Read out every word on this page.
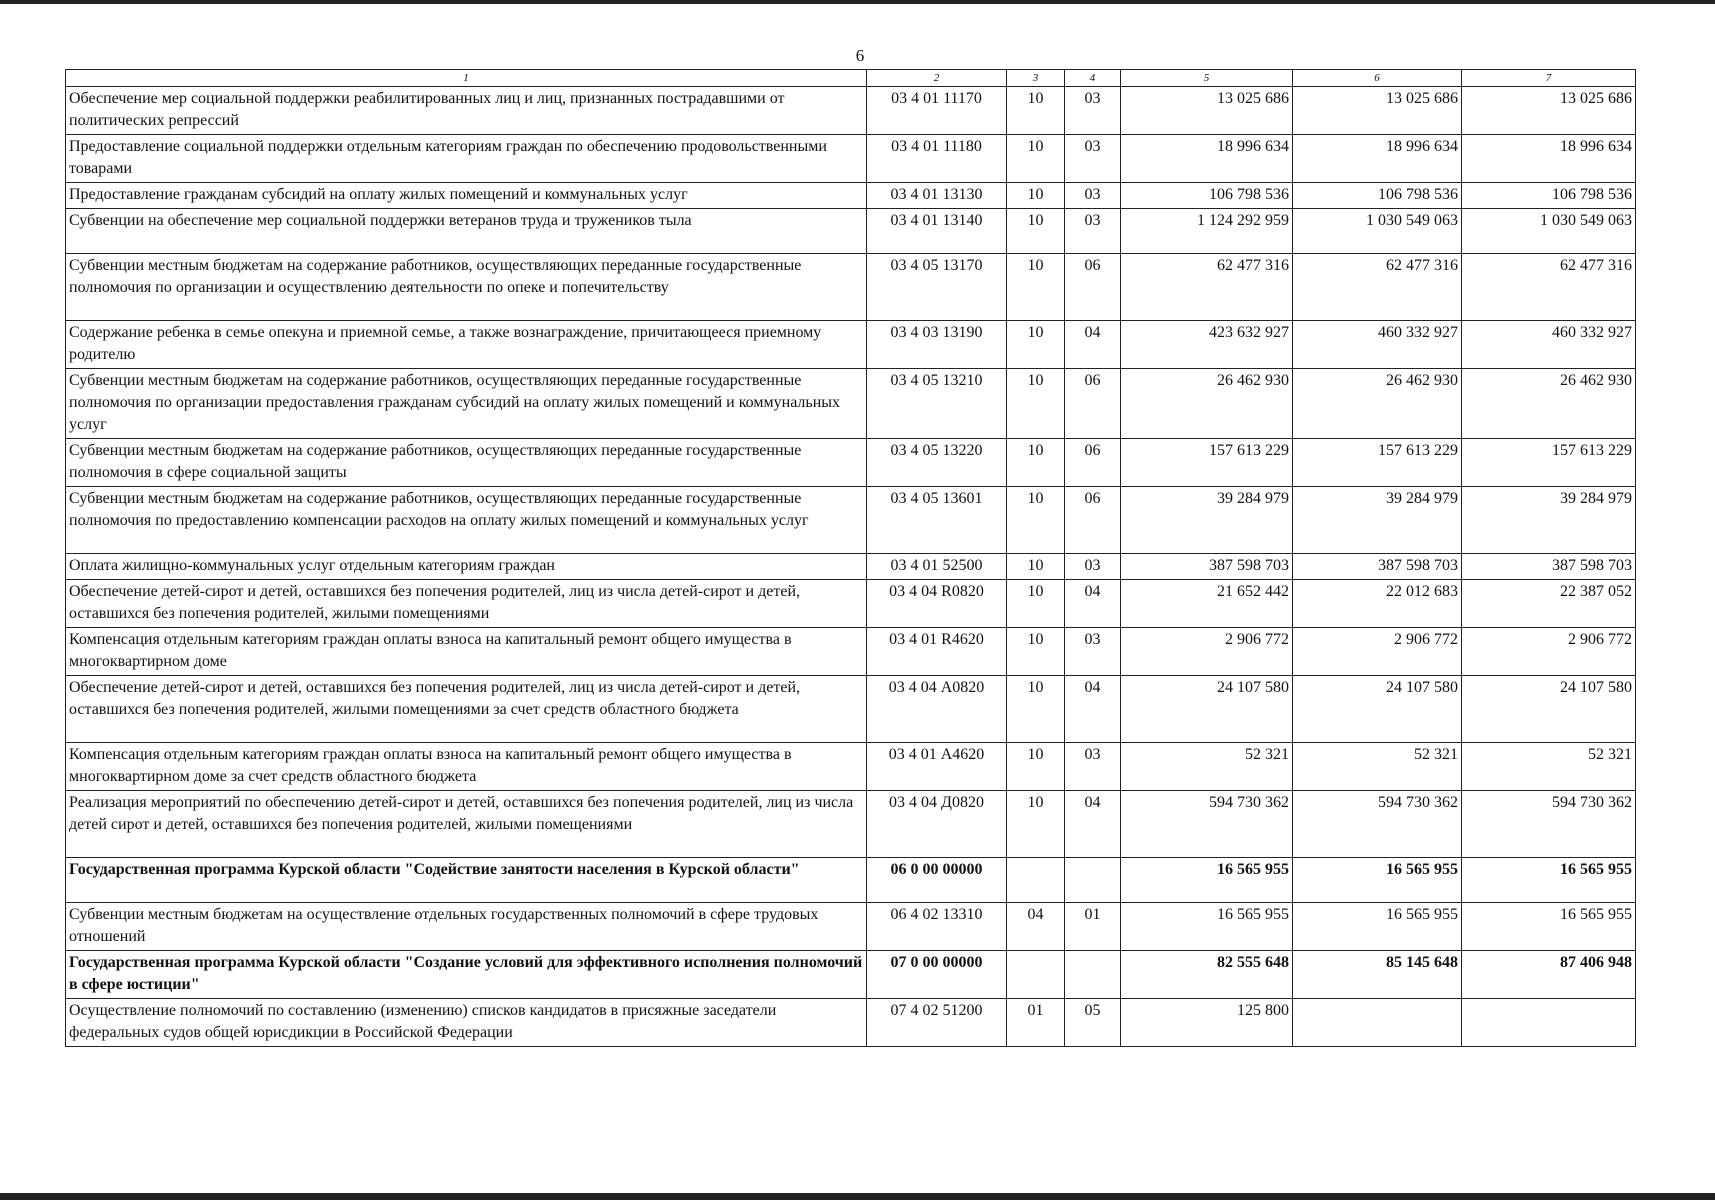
6
1	2	3	4	5	6	7
Обеспечение мер социальной поддержки реабилитированных лиц и лиц, признанных пострадавшими от политических репрессий	03 4 01 11170	10	03	13 025 686	13 025 686	13 025 686
Предоставление социальной поддержки отдельным категориям граждан по обеспечению продовольственными товарами	03 4 01 11180	10	03	18 996 634	18 996 634	18 996 634
Предоставление гражданам субсидий на оплату жилых помещений и коммунальных услуг	03 4 01 13130	10	03	106 798 536	106 798 536	106 798 536
Субвенции на обеспечение мер социальной поддержки ветеранов труда и тружеников тыла	03 4 01 13140	10	03	1 124 292 959	1 030 549 063	1 030 549 063
Субвенции местным бюджетам на содержание работников, осуществляющих переданные государственные полномочия по организации и осуществлению деятельности по опеке и попечительству	03 4 05 13170	10	06	62 477 316	62 477 316	62 477 316
Содержание ребенка в семье опекуна и приемной семье, а также вознаграждение, причитающееся приемному родителю	03 4 03 13190	10	04	423 632 927	460 332 927	460 332 927
Субвенции местным бюджетам на содержание работников, осуществляющих переданные государственные полномочия по организации предоставления гражданам субсидий на оплату жилых помещений и коммунальных услуг	03 4 05 13210	10	06	26 462 930	26 462 930	26 462 930
Субвенции местным бюджетам на содержание работников, осуществляющих переданные государственные полномочия в сфере социальной защиты	03 4 05 13220	10	06	157 613 229	157 613 229	157 613 229
Субвенции местным бюджетам на содержание работников, осуществляющих переданные государственные полномочия по предоставлению компенсации расходов на оплату жилых помещений и коммунальных услуг	03 4 05 13601	10	06	39 284 979	39 284 979	39 284 979
Оплата жилищно-коммунальных услуг отдельным категориям граждан	03 4 01 52500	10	03	387 598 703	387 598 703	387 598 703
Обеспечение детей-сирот и детей, оставшихся без попечения родителей, лиц из числа детей-сирот и детей, оставшихся без попечения родителей, жилыми помещениями	03 4 04 R0820	10	04	21 652 442	22 012 683	22 387 052
Компенсация отдельным категориям граждан оплаты взноса на капитальный ремонт общего имущества в многоквартирном доме	03 4 01 R4620	10	03	2 906 772	2 906 772	2 906 772
Обеспечение детей-сирот и детей, оставшихся без попечения родителей, лиц из числа детей-сирот и детей, оставшихся без попечения родителей, жилыми помещениями за счет средств областного бюджета	03 4 04 А0820	10	04	24 107 580	24 107 580	24 107 580
Компенсация отдельным категориям граждан оплаты взноса на капитальный ремонт общего имущества в многоквартирном доме за счет средств областного бюджета	03 4 01 А4620	10	03	52 321	52 321	52 321
Реализация мероприятий по обеспечению детей-сирот и детей, оставшихся без попечения родителей, лиц из числа детей сирот и детей, оставшихся без попечения родителей, жилыми помещениями	03 4 04 Д0820	10	04	594 730 362	594 730 362	594 730 362
Государственная программа Курской области "Содействие занятости населения в Курской области"	06 0 00 00000			16 565 955	16 565 955	16 565 955
Субвенции местным бюджетам на осуществление отдельных государственных полномочий в сфере трудовых отношений	06 4 02 13310	04	01	16 565 955	16 565 955	16 565 955
Государственная программа Курской области "Создание условий для эффективного исполнения полномочий в сфере юстиции"	07 0 00 00000			82 555 648	85 145 648	87 406 948
Осуществление полномочий по составлению (изменению) списков кандидатов в присяжные заседатели федеральных судов общей юрисдикции в Российской Федерации	07 4 02 51200	01	05	125 800		
